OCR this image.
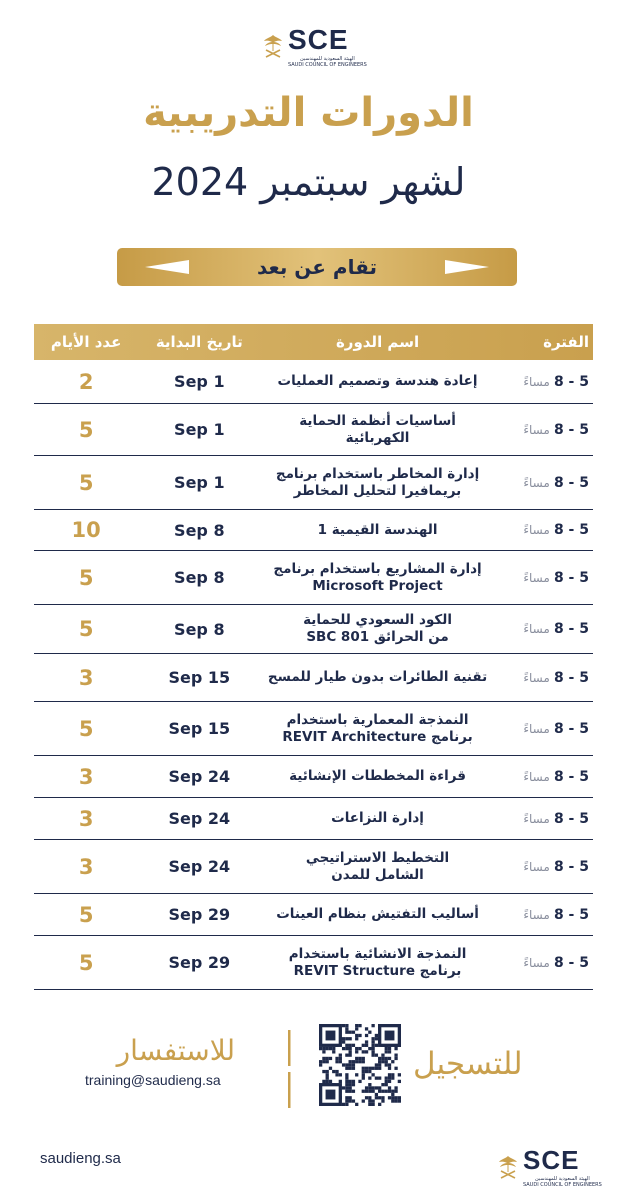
SCE
الهيئة السعودية للمهندسين
SAUDI COUNCIL OF ENGINEERS
الدورات التدريبية
لشهر سبتمبر 2024
تقام عن بعد
الفترة
اسم الدورة
تاريخ البداية
عدد الأيام
5 - 8 مساءً
إعادة هندسة وتصميم العمليات
Sep 1
2
5 - 8 مساءً
أساسيات أنظمة الحماية
الكهربائية
Sep 1
5
5 - 8 مساءً
إدارة المخاطر باستخدام برنامج
بريمافيرا لتحليل المخاطر
Sep 1
5
5 - 8 مساءً
الهندسة القيمية 1
Sep 8
10
5 - 8 مساءً
إدارة المشاريع باستخدام برنامج
Microsoft Project
Sep 8
5
5 - 8 مساءً
الكود السعودي للحماية
من الحرائق SBC 801
Sep 8
5
5 - 8 مساءً
تقنية الطائرات بدون طيار للمسح
Sep 15
3
5 - 8 مساءً
النمذجة المعمارية باستخدام
برنامج REVIT Architecture
Sep 15
5
5 - 8 مساءً
قراءة المخططات الإنشائية
Sep 24
3
5 - 8 مساءً
إدارة النزاعات
Sep 24
3
5 - 8 مساءً
التخطيط الاستراتيجي
الشامل للمدن
Sep 24
3
5 - 8 مساءً
أساليب التفتيش بنظام العينات
Sep 29
5
5 - 8 مساءً
النمذجة الانشائية باستخدام
برنامج REVIT Structure
Sep 29
5
للتسجيل
للاستفسار
training@saudieng.sa
saudieng.sa	SCE
الهيئة السعودية للمهندسين
SAUDI COUNCIL OF ENGINEERS
